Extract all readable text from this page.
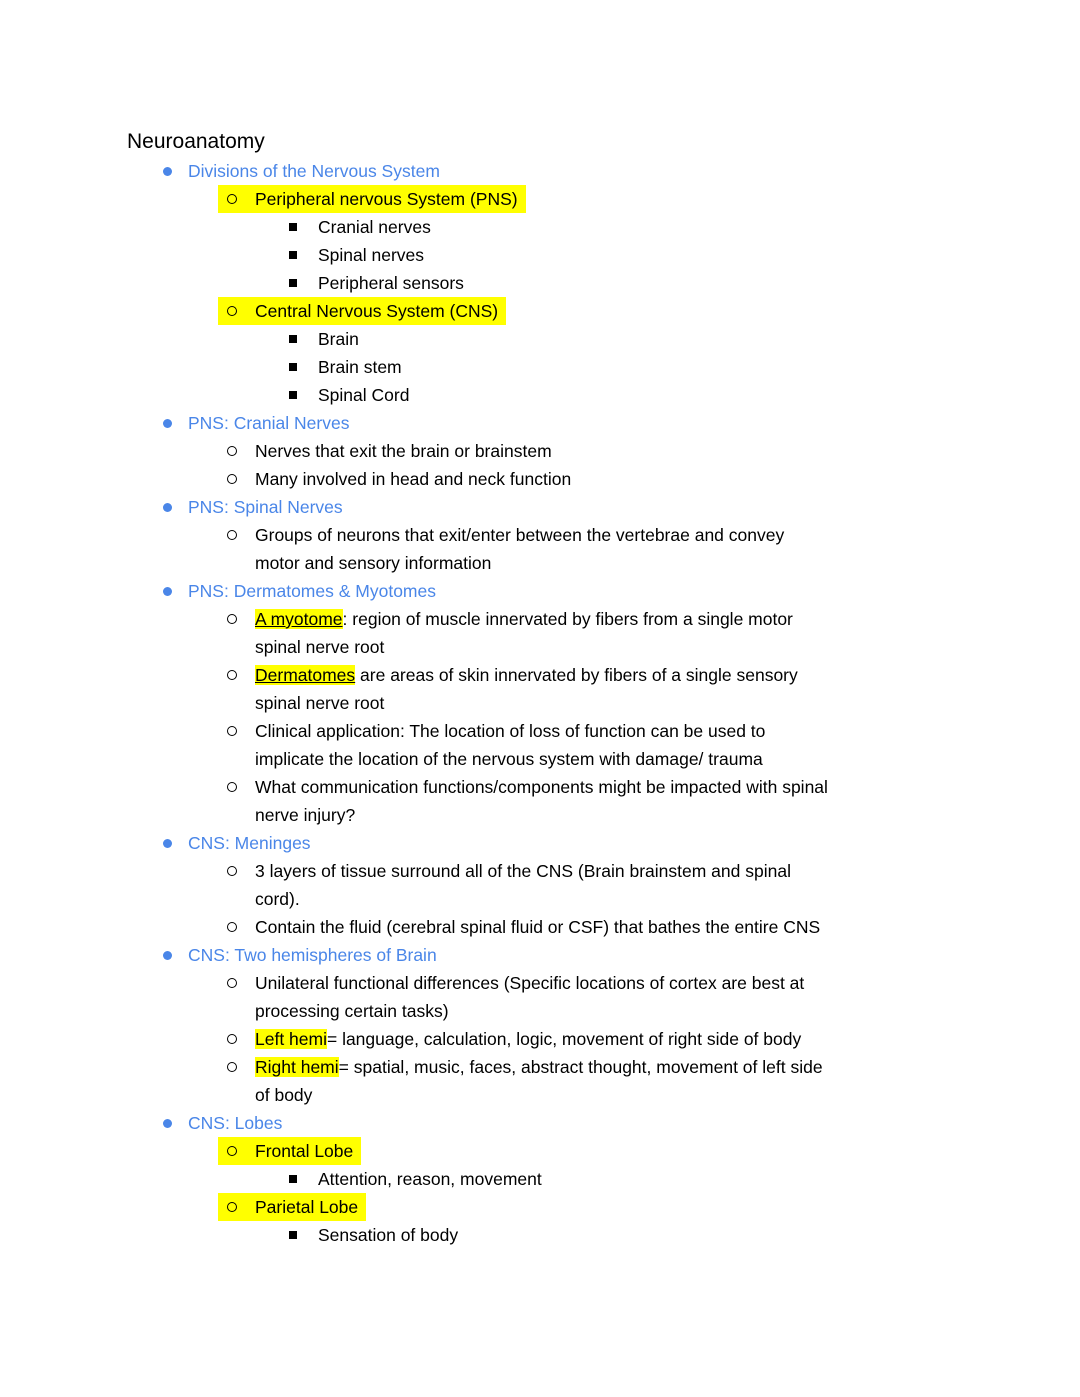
Neuroanatomy
Divisions of the Nervous System
Peripheral nervous System (PNS)
Cranial nerves
Spinal nerves
Peripheral sensors
Central Nervous System (CNS)
Brain
Brain stem
Spinal Cord
PNS: Cranial Nerves
Nerves that exit the brain or brainstem
Many involved in head and neck function
PNS: Spinal Nerves
Groups of neurons that exit/enter between the vertebrae and convey
motor and sensory information
PNS: Dermatomes & Myotomes
A myotome: region of muscle innervated by fibers from a single motor
spinal nerve root
Dermatomes are areas of skin innervated by fibers of a single sensory
spinal nerve root
Clinical application: The location of loss of function can be used to
implicate the location of the nervous system with damage/ trauma
What communication functions/components might be impacted with spinal
nerve injury?
CNS: Meninges
3 layers of tissue surround all of the CNS (Brain brainstem and spinal
cord).
Contain the fluid (cerebral spinal fluid or CSF) that bathes the entire CNS
CNS: Two hemispheres of Brain
Unilateral functional differences (Specific locations of cortex are best at
processing certain tasks)
Left hemi= language, calculation, logic, movement of right side of body
Right hemi= spatial, music, faces, abstract thought, movement of left side
of body
CNS: Lobes
Frontal Lobe
Attention, reason, movement
Parietal Lobe
Sensation of body
